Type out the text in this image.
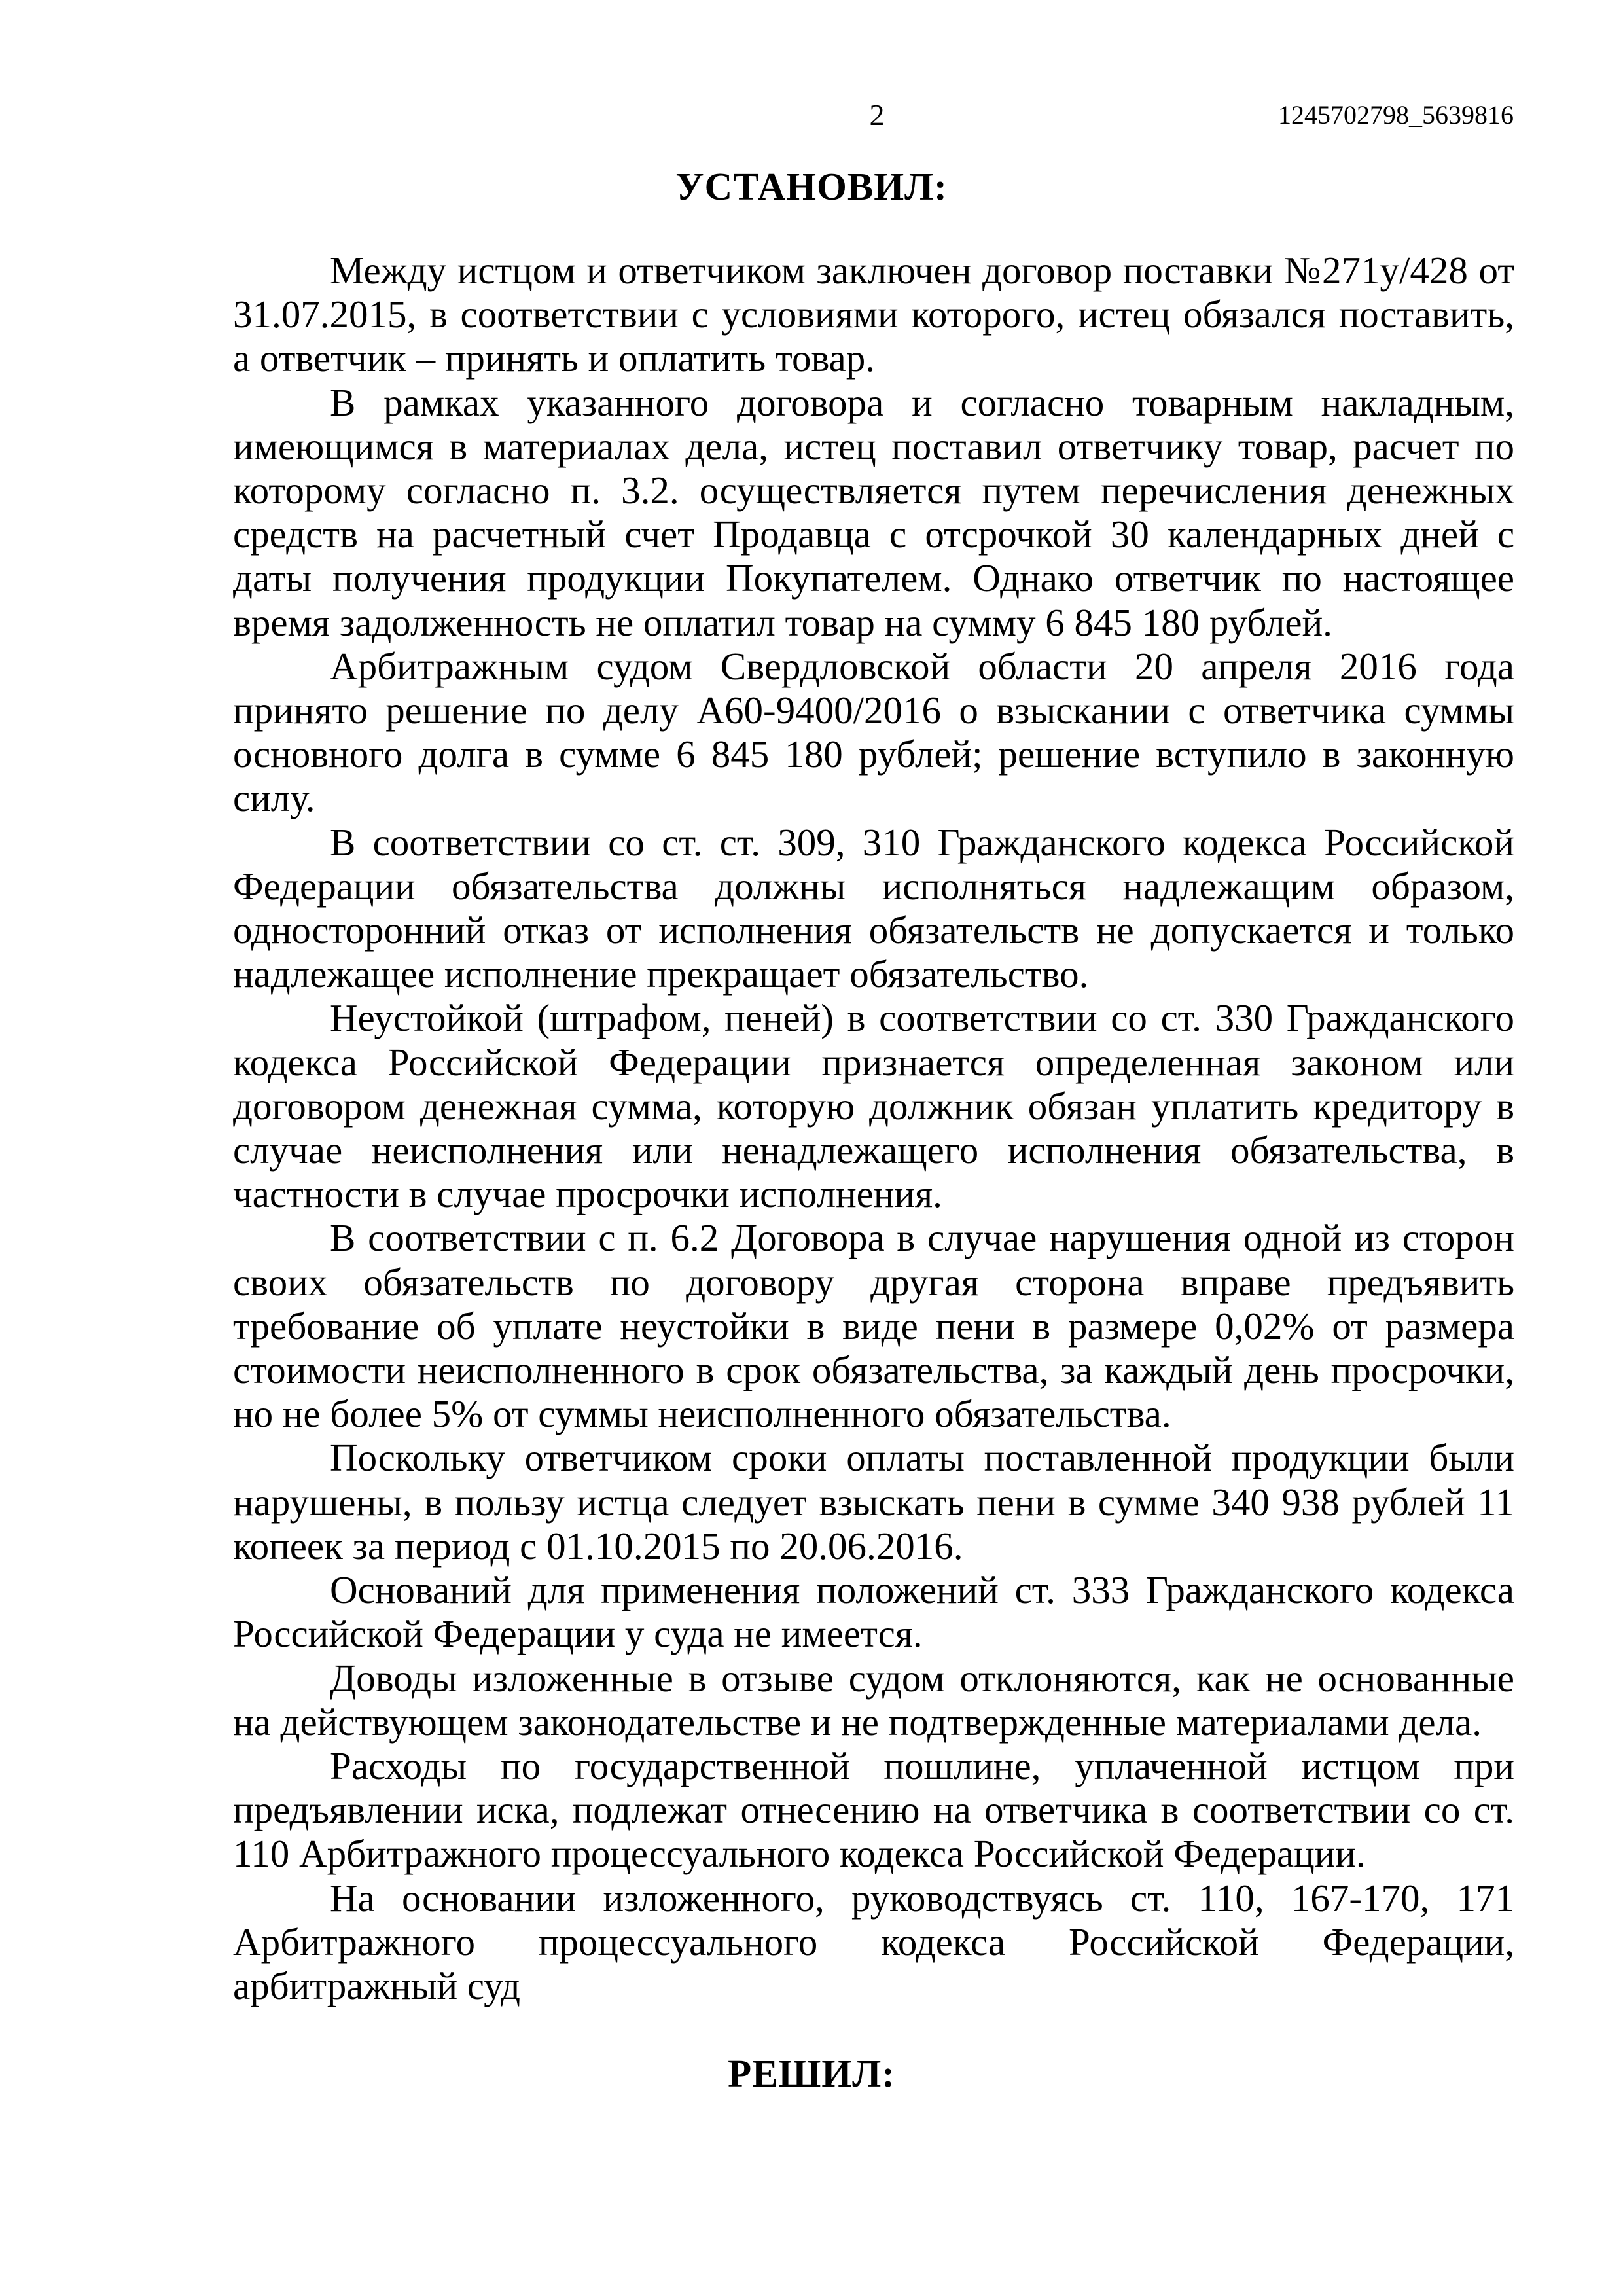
2	1245702798_5639816
УСТАНОВИЛ:

Между истцом и ответчиком заключен договор поставки №271у/428 от 31.07.2015, в соответствии с условиями которого, истец обязался поставить, а ответчик – принять и оплатить товар.

В рамках указанного договора и согласно товарным накладным, имеющимся в материалах дела, истец поставил ответчику товар, расчет по которому согласно п. 3.2. осуществляется путем перечисления денежных средств на расчетный счет Продавца с отсрочкой 30 календарных дней с даты получения продукции Покупателем. Однако ответчик по настоящее время задолженность не оплатил товар на сумму 6 845 180 рублей.

Арбитражным судом Свердловской области 20 апреля 2016 года принято решение по делу А60-9400/2016 о взыскании с ответчика суммы основного долга в сумме 6 845 180 рублей; решение вступило в законную силу.

В соответствии со ст. ст. 309, 310 Гражданского кодекса Российской Федерации обязательства должны исполняться надлежащим образом, односторонний отказ от исполнения обязательств не допускается и только надлежащее исполнение прекращает обязательство.

Неустойкой (штрафом, пеней) в соответствии со ст. 330 Гражданского кодекса Российской Федерации признается определенная законом или договором денежная сумма, которую должник обязан уплатить кредитору в случае неисполнения или ненадлежащего исполнения обязательства, в частности в случае просрочки исполнения.

В соответствии с п. 6.2 Договора в случае нарушения одной из сторон своих обязательств по договору другая сторона вправе предъявить требование об уплате неустойки в виде пени в размере 0,02% от размера стоимости неисполненного в срок обязательства, за каждый день просрочки, но не более 5% от суммы неисполненного обязательства.

Поскольку ответчиком сроки оплаты поставленной продукции были нарушены, в пользу истца следует взыскать пени в сумме 340 938 рублей 11 копеек за период с 01.10.2015 по 20.06.2016.

Оснований для применения положений ст. 333 Гражданского кодекса Российской Федерации у суда не имеется.

Доводы изложенные в отзыве судом отклоняются, как не основанные на действующем законодательстве и не подтвержденные материалами дела.

Расходы по государственной пошлине, уплаченной истцом при предъявлении иска, подлежат отнесению на ответчика в соответствии со ст. 110 Арбитражного процессуального кодекса Российской Федерации.

На основании изложенного, руководствуясь ст. 110, 167-170, 171 Арбитражного процессуального кодекса Российской Федерации, арбитражный суд

РЕШИЛ:
